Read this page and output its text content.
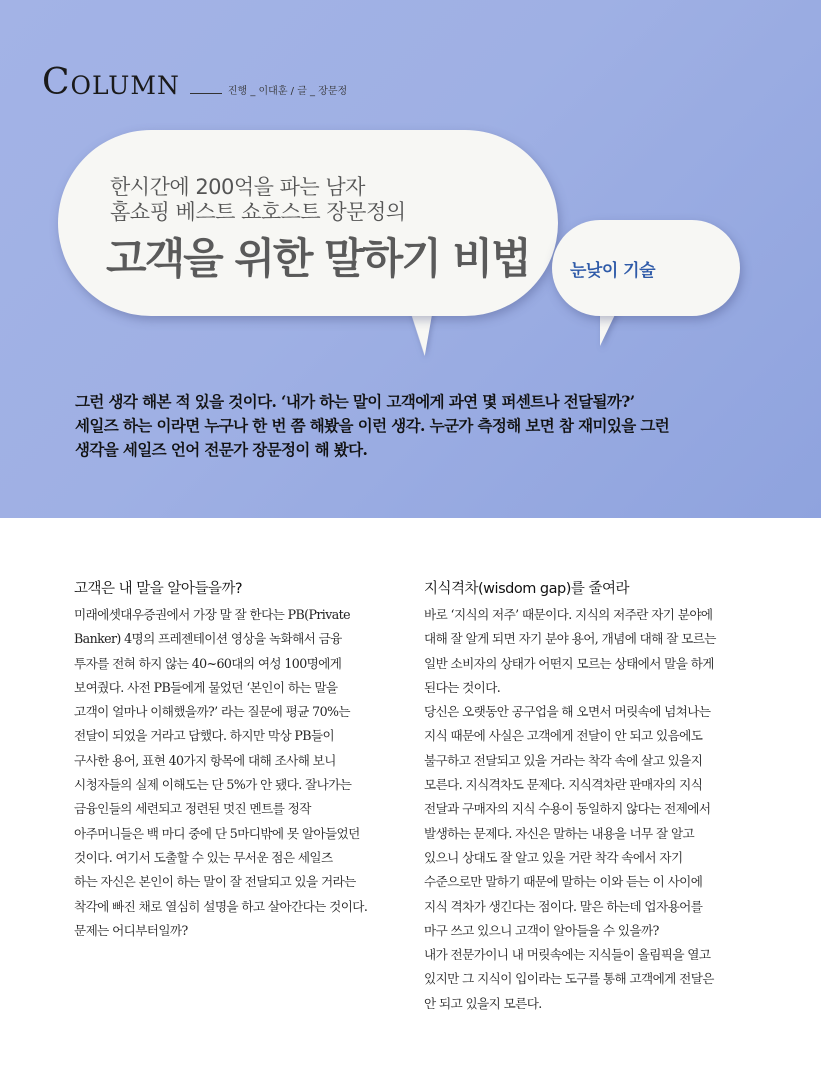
Column	진행 _ 이대훈 / 글 _ 장문정
한시간에 200억을 파는 남자
홈쇼핑 베스트 쇼호스트 장문정의
고객을 위한 말하기 비법 눈낮이 기술
그런 생각 해본 적 있을 것이다. ‘내가 하는 말이 고객에게 과연 몇 퍼센트나 전달될까?’
세일즈 하는 이라면 누구나 한 번 쯤 해봤을 이런 생각. 누군가 측정해 보면 참 재미있을 그런
생각을 세일즈 언어 전문가 장문정이 해 봤다.
고객은 내 말을 알아들을까?
미래에셋대우증권에서 가장 말 잘 한다는 PB(Private
Banker) 4명의 프레젠테이션 영상을 녹화해서 금융
투자를 전혀 하지 않는 40~60대의 여성 100명에게
보여줬다. 사전 PB들에게 물었던 ‘본인이 하는 말을
고객이 얼마나 이해했을까?’ 라는 질문에 평균 70%는
전달이 되었을 거라고 답했다. 하지만 막상 PB들이
구사한 용어, 표현 40가지 항목에 대해 조사해 보니
시청자들의 실제 이해도는 단 5%가 안 됐다. 잘나가는
금융인들의 세련되고 정련된 멋진 멘트를 정작
아주머니들은 백 마디 중에 단 5마디밖에 못 알아들었던
것이다. 여기서 도출할 수 있는 무서운 점은 세일즈
하는 자신은 본인이 하는 말이 잘 전달되고 있을 거라는
착각에 빠진 채로 열심히 설명을 하고 살아간다는 것이다.
문제는 어디부터일까?
지식격차(wisdom gap)를 줄여라
바로 ‘지식의 저주’ 때문이다. 지식의 저주란 자기 분야에
대해 잘 알게 되면 자기 분야 용어, 개념에 대해 잘 모르는
일반 소비자의 상태가 어떤지 모르는 상태에서 말을 하게
된다는 것이다.
당신은 오랫동안 공구업을 해 오면서 머릿속에 넘쳐나는
지식 때문에 사실은 고객에게 전달이 안 되고 있음에도
불구하고 전달되고 있을 거라는 착각 속에 살고 있을지
모른다. 지식격차도 문제다. 지식격차란 판매자의 지식
전달과 구매자의 지식 수용이 동일하지 않다는 전제에서
발생하는 문제다. 자신은 말하는 내용을 너무 잘 알고
있으니 상대도 잘 알고 있을 거란 착각 속에서 자기
수준으로만 말하기 때문에 말하는 이와 듣는 이 사이에
지식 격차가 생긴다는 점이다. 말은 하는데 업자용어를
마구 쓰고 있으니 고객이 알아들을 수 있을까?
내가 전문가이니 내 머릿속에는 지식들이 올림픽을 열고
있지만 그 지식이 입이라는 도구를 통해 고객에게 전달은
안 되고 있을지 모른다.
